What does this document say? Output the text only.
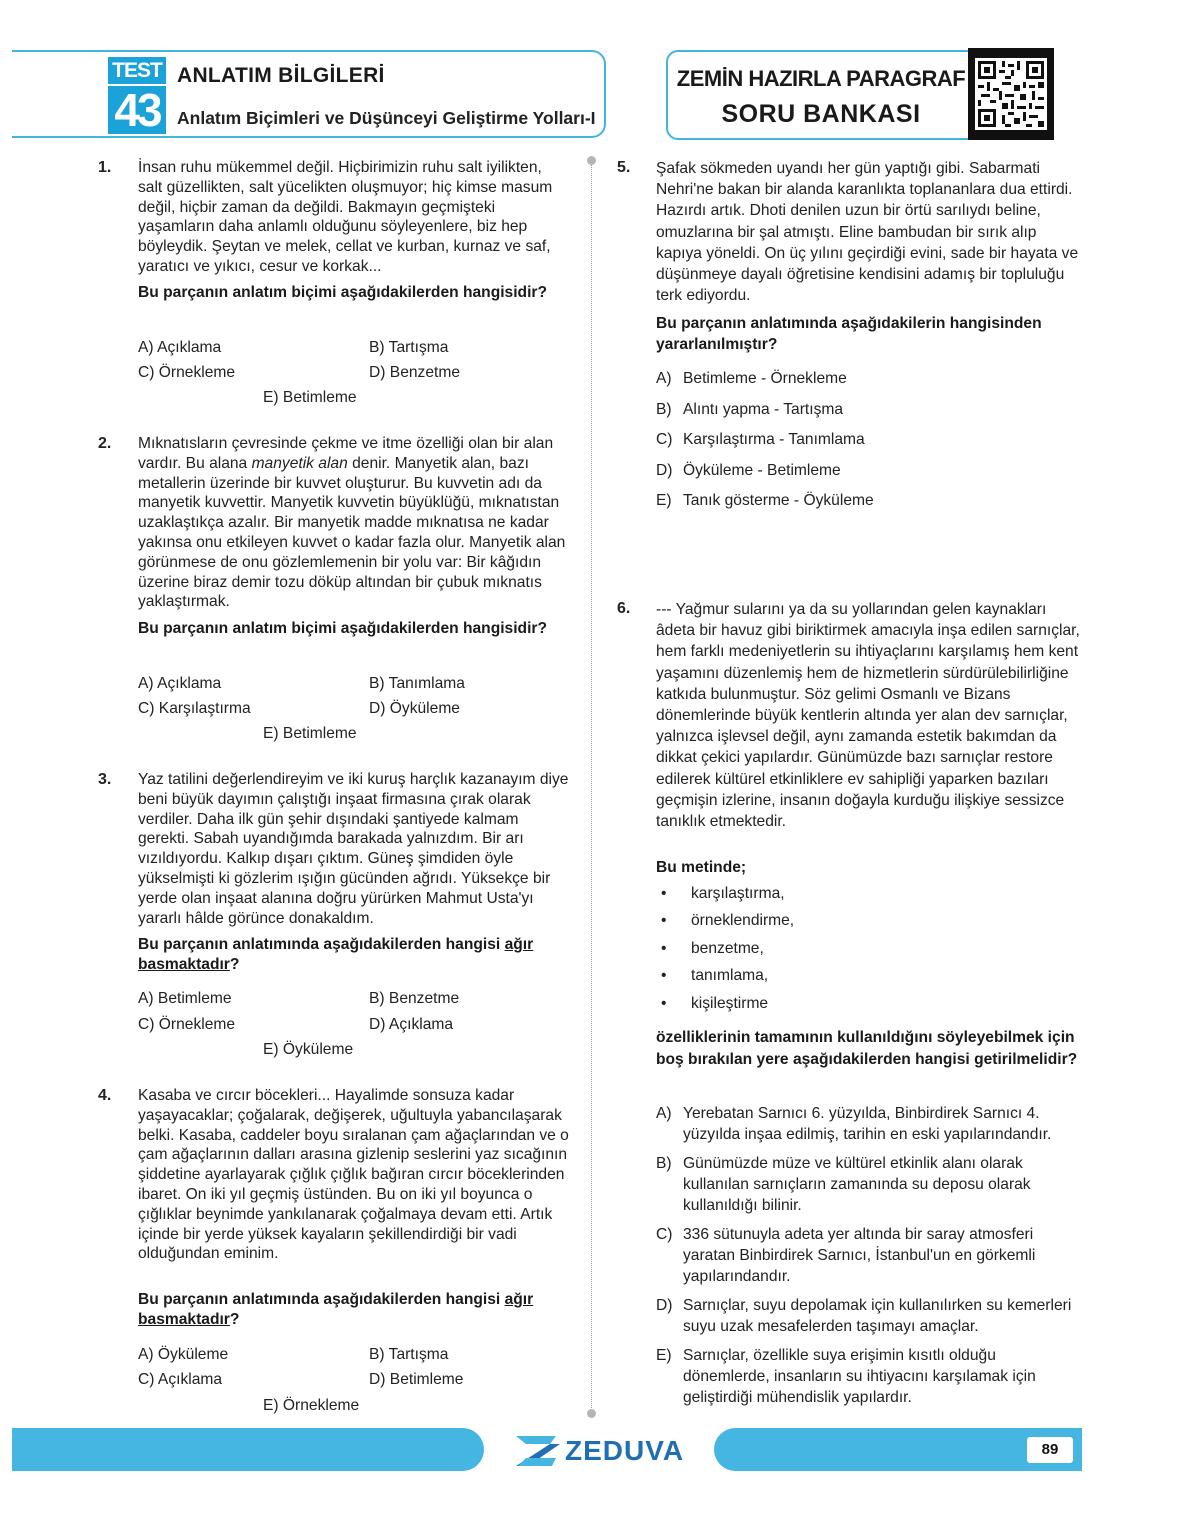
TEST
43
ANLATIM BİLGİLERİ
Anlatım Biçimleri ve Düşünceyi Geliştirme Yolları-I
ZEMİN HAZIRLA PARAGRAF
SORU BANKASI
1. İnsan ruhu mükemmel değil. Hiçbirimizin ruhu salt iyilikten, salt güzellikten, salt yücelikten oluşmuyor; hiç kimse masum değil, hiçbir zaman da değildi. Bakmayın geçmişteki yaşamların daha anlamlı olduğunu söyleyenlere, biz hep böyleydik. Şeytan ve melek, cellat ve kurban, kurnaz ve saf, yaratıcı ve yıkıcı, cesur ve korkak...
Bu parçanın anlatım biçimi aşağıdakilerden hangisidir?
A) Açıklama	B) Tartışma
C) Örnekleme	D) Benzetme
E) Betimleme
2. Mıknatısların çevresinde çekme ve itme özelliği olan bir alan vardır. Bu alana manyetik alan denir. Manyetik alan, bazı metallerin üzerinde bir kuvvet oluşturur. Bu kuvvetin adı da manyetik kuvvettir. Manyetik kuvvetin büyüklüğü, mıknatıstan uzaklaştıkça azalır. Bir manyetik madde mıknatısa ne kadar yakınsa onu etkileyen kuvvet o kadar fazla olur. Manyetik alan görünmese de onu gözlemlemenin bir yolu var: Bir kâğıdın üzerine biraz demir tozu döküp altından bir çubuk mıknatıs yaklaştırmak.
Bu parçanın anlatım biçimi aşağıdakilerden hangisidir?
A) Açıklama	B) Tanımlama
C) Karşılaştırma	D) Öyküleme
E) Betimleme
3. Yaz tatilini değerlendireyim ve iki kuruş harçlık kazanayım diye beni büyük dayımın çalıştığı inşaat firmasına çırak olarak verdiler. Daha ilk gün şehir dışındaki şantiyede kalmam gerekti. Sabah uyandığımda barakada yalnızdım. Bir arı vızıldıyordu. Kalkıp dışarı çıktım. Güneş şimdiden öyle yükselmişti ki gözlerim ışığın gücünden ağrıdı. Yüksekçe bir yerde olan inşaat alanına doğru yürürken Mahmut Usta'yı yararlı hâlde görünce donakaldım.
Bu parçanın anlatımında aşağıdakilerden hangisi ağır basmaktadır?
A) Betimleme	B) Benzetme
C) Örnekleme	D) Açıklama
E) Öyküleme
4. Kasaba ve cırcır böcekleri... Hayalimde sonsuza kadar yaşayacaklar; çoğalarak, değişerek, uğultuyla yabancılaşarak belki. Kasaba, caddeler boyu sıralanan çam ağaçlarından ve o çam ağaçlarının dalları arasına gizlenip seslerini yaz sıcağının şiddetine ayarlayarak çığlık çığlık bağıran cırcır böceklerinden ibaret. On iki yıl geçmiş üstünden. Bu on iki yıl boyunca o çığlıklar beynimde yankılanarak çoğalmaya devam etti. Artık içinde bir yerde yüksek kayaların şekillendirdiği bir vadi olduğundan eminim.
Bu parçanın anlatımında aşağıdakilerden hangisi ağır basmaktadır?
A) Öyküleme	B) Tartışma
C) Açıklama	D) Betimleme
E) Örnekleme
5. Şafak sökmeden uyandı her gün yaptığı gibi. Sabarmati Nehri'ne bakan bir alanda karanlıkta toplananlara dua ettirdi. Hazırdı artık. Dhoti denilen uzun bir örtü sarılıydı beline, omuzlarına bir şal atmıştı. Eline bambudan bir sırık alıp kapıya yöneldi. On üç yılını geçirdiği evini, sade bir hayata ve düşünmeye dayalı öğretisine kendisini adamış bir topluluğu terk ediyordu.
Bu parçanın anlatımında aşağıdakilerin hangisinden yararlanılmıştır?
A) Betimleme - Örnekleme
B) Alıntı yapma - Tartışma
C) Karşılaştırma - Tanımlama
D) Öyküleme - Betimleme
E) Tanık gösterme - Öyküleme
6. --- Yağmur sularını ya da su yollarından gelen kaynakları âdeta bir havuz gibi biriktirmek amacıyla inşa edilen sarnıçlar, hem farklı medeniyetlerin su ihtiyaçlarını karşılamış hem kent yaşamını düzenlemiş hem de hizmetlerin sürdürülebilirliğine katkıda bulunmuştur. Söz gelimi Osmanlı ve Bizans dönemlerinde büyük kentlerin altında yer alan dev sarnıçlar, yalnızca işlevsel değil, aynı zamanda estetik bakımdan da dikkat çekici yapılardır. Günümüzde bazı sarnıçlar restore edilerek kültürel etkinliklere ev sahipliği yaparken bazıları geçmişin izlerine, insanın doğayla kurduğu ilişkiye sessizce tanıklık etmektedir.
Bu metinde;
• karşılaştırma,
• örneklendirme,
• benzetme,
• tanımlama,
• kişileştirme
özelliklerinin tamamının kullanıldığını söyleyebilmek için boş bırakılan yere aşağıdakilerden hangisi getirilmelidir?
A) Yerebatan Sarnıcı 6. yüzyılda, Binbirdirek Sarnıcı 4. yüzyılda inşaa edilmiş, tarihin en eski yapılarındandır.
B) Günümüzde müze ve kültürel etkinlik alanı olarak kullanılan sarnıçların zamanında su deposu olarak kullanıldığı bilinir.
C) 336 sütunuyla adeta yer altında bir saray atmosferi yaratan Binbirdirek Sarnıcı, İstanbul'un en görkemli yapılarındandır.
D) Sarnıçlar, suyu depolamak için kullanılırken su kemerleri suyu uzak mesafelerden taşımayı amaçlar.
E) Sarnıçlar, özellikle suya erişimin kısıtlı olduğu dönemlerde, insanların su ihtiyacını karşılamak için geliştirdiği mühendislik yapılardır.
89
ZEDUVA
